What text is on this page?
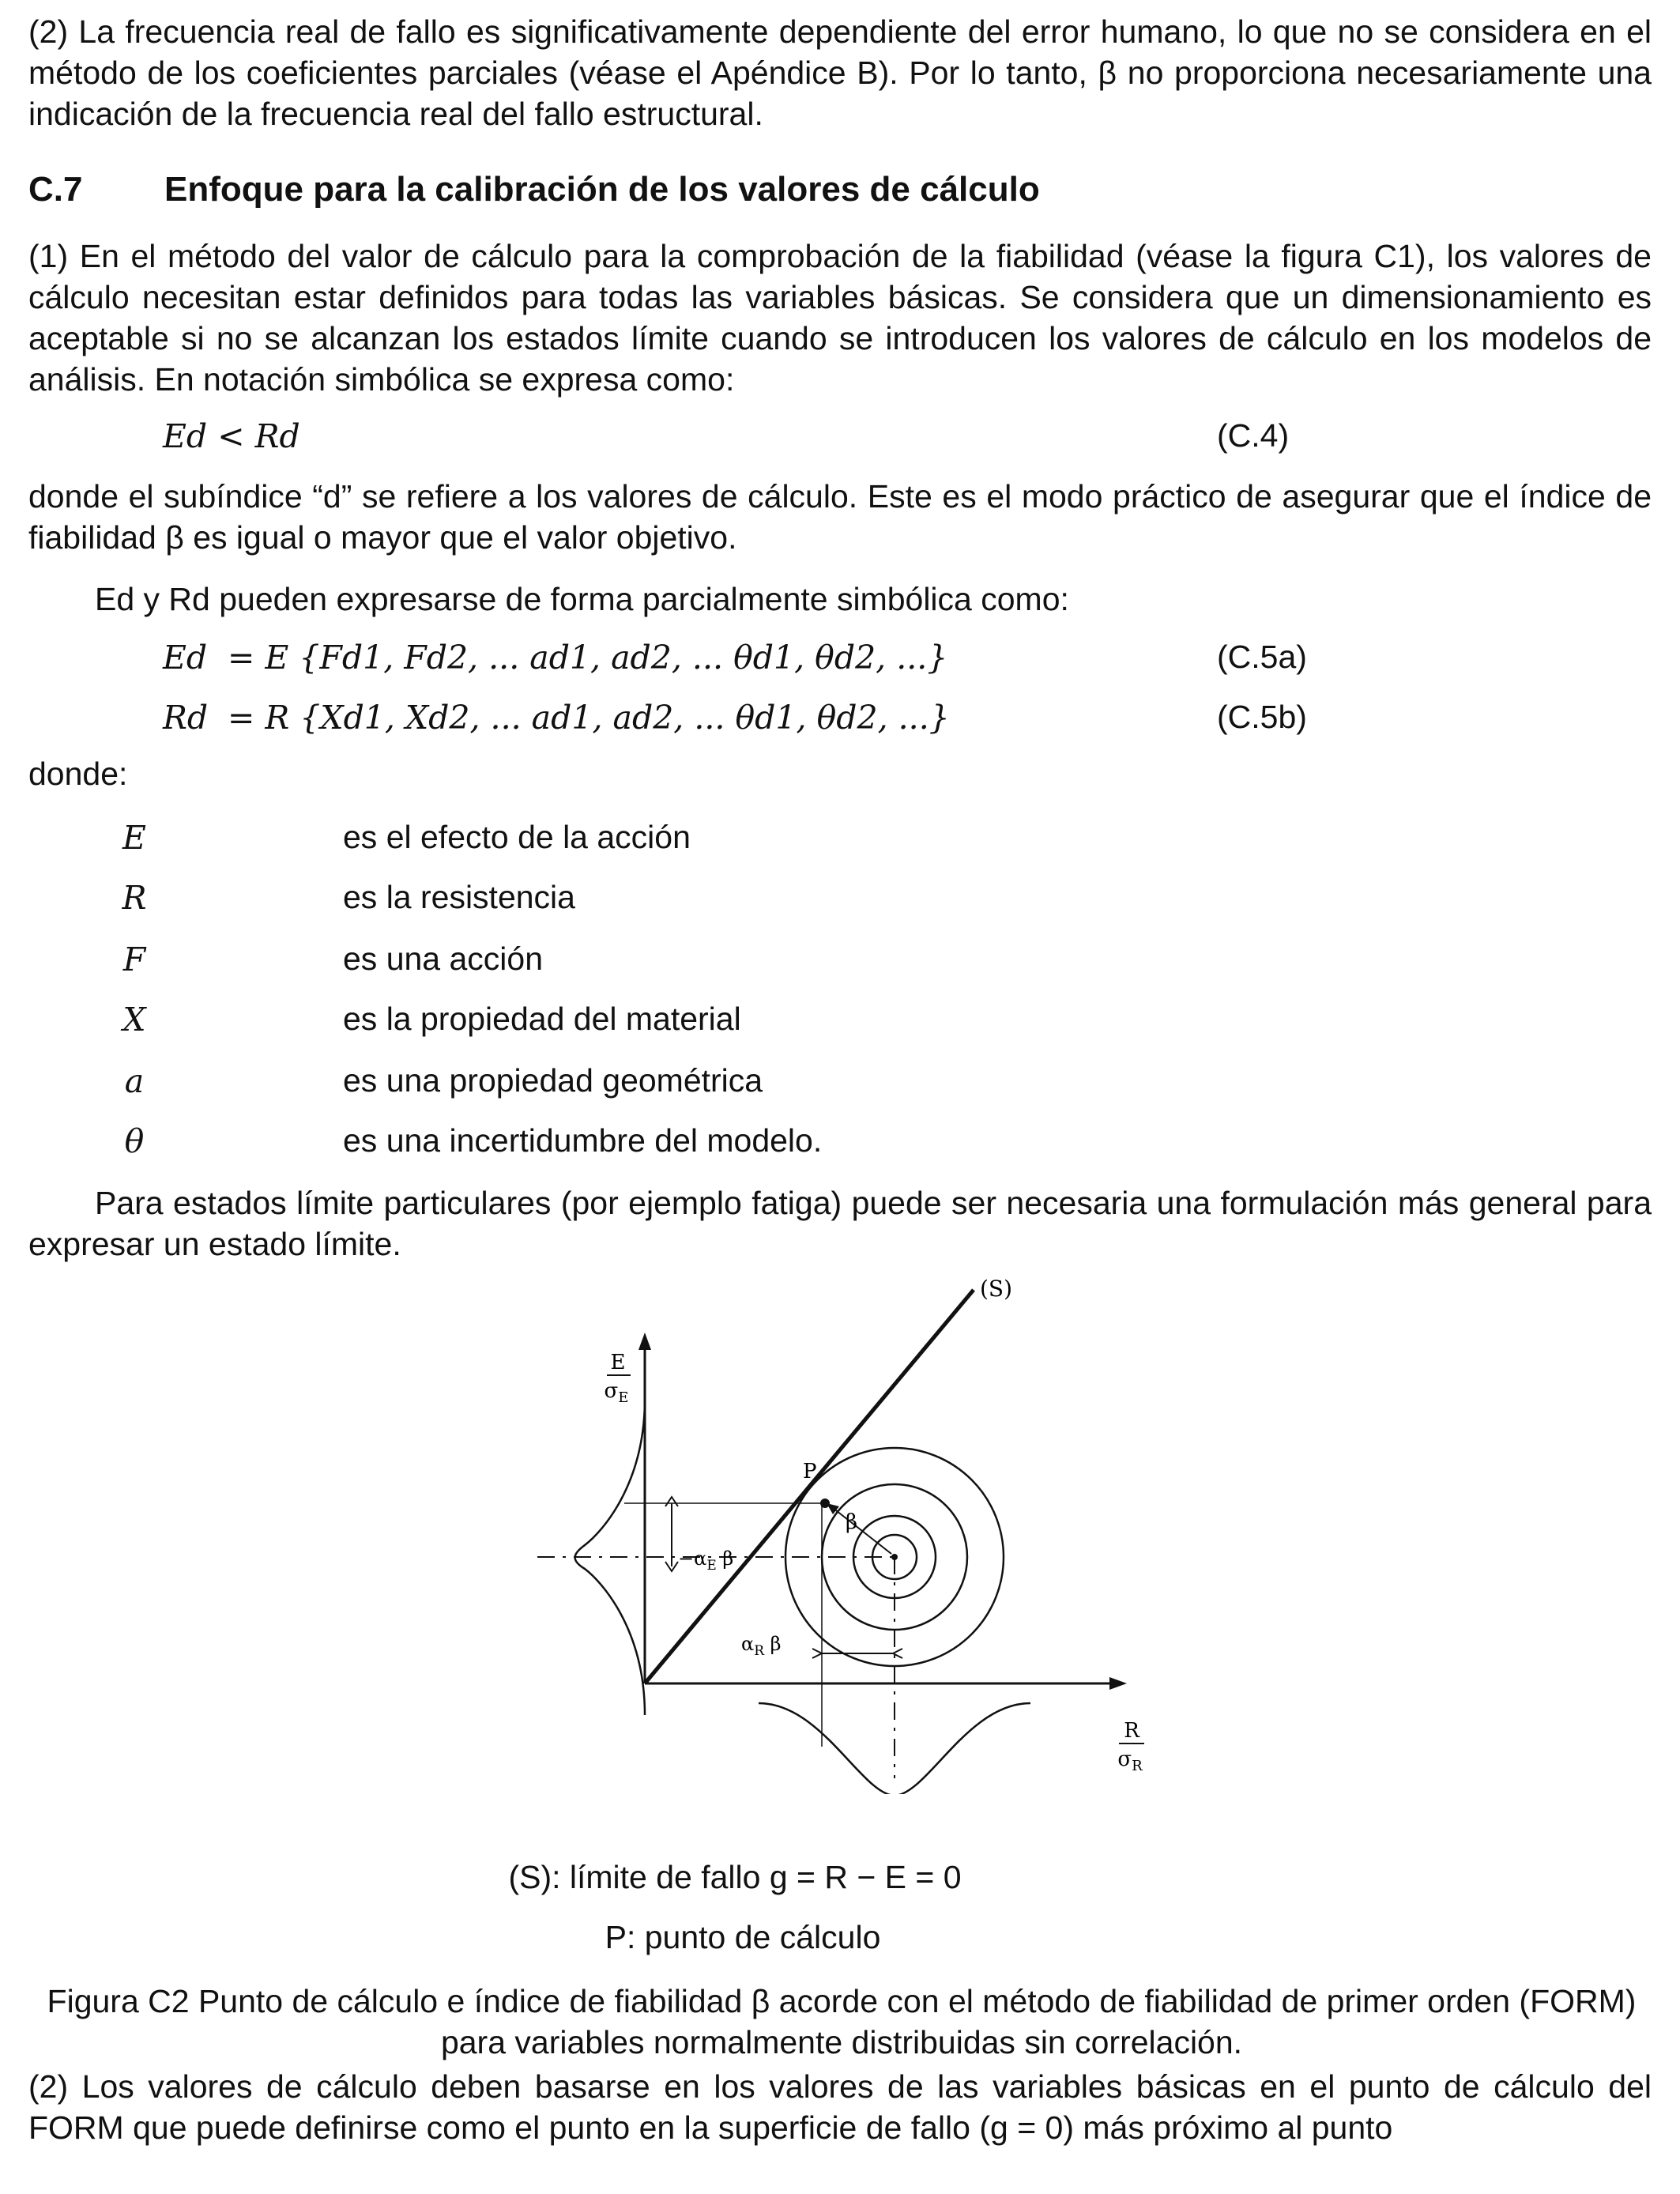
(2) La frecuencia real de fallo es significativamente dependiente del error humano, lo que no se considera en el método de los coeficientes parciales (véase el Apéndice B). Por lo tanto, β no proporciona necesariamente una indicación de la frecuencia real del fallo estructural.

C.7 Enfoque para la calibración de los valores de cálculo

(1) En el método del valor de cálculo para la comprobación de la fiabilidad (véase la figura C1), los valores de cálculo necesitan estar definidos para todas las variables básicas. Se considera que un dimensionamiento es aceptable si no se alcanzan los estados límite cuando se introducen los valores de cálculo en los modelos de análisis. En notación simbólica se expresa como:

Ed < Rd	(C.4)

donde el subíndice “d” se refiere a los valores de cálculo. Este es el modo práctico de asegurar que el índice de fiabilidad β es igual o mayor que el valor objetivo.

Ed y Rd pueden expresarse de forma parcialmente simbólica como:

Ed = E {Fd1, Fd2, ... ad1, ad2, ... θd1, θd2, ...}	(C.5a)
Rd = R {Xd1, Xd2, ... ad1, ad2, ... θd1, θd2, ...}	(C.5b)
donde:
E	es el efecto de la acción
R	es la resistencia
F	es una acción
X	es la propiedad del material
a	es una propiedad geométrica
θ	es una incertidumbre del modelo.

Para estados límite particulares (por ejemplo fatiga) puede ser necesaria una formulación más general para expresar un estado límite.

E
$\sigma_E$
R
$\sigma_R$
(S)
P
β
$-\alpha_E$ β
$\alpha_R$ β
(S): límite de fallo g = R − E = 0
P: punto de cálculo

Figura C2 Punto de cálculo e índice de fiabilidad β acorde con el método de fiabilidad de primer orden (FORM) para variables normalmente distribuidas sin correlación.

(2) Los valores de cálculo deben basarse en los valores de las variables básicas en el punto de cálculo del FORM que puede definirse como el punto en la superficie de fallo (g = 0) más próximo al punto
